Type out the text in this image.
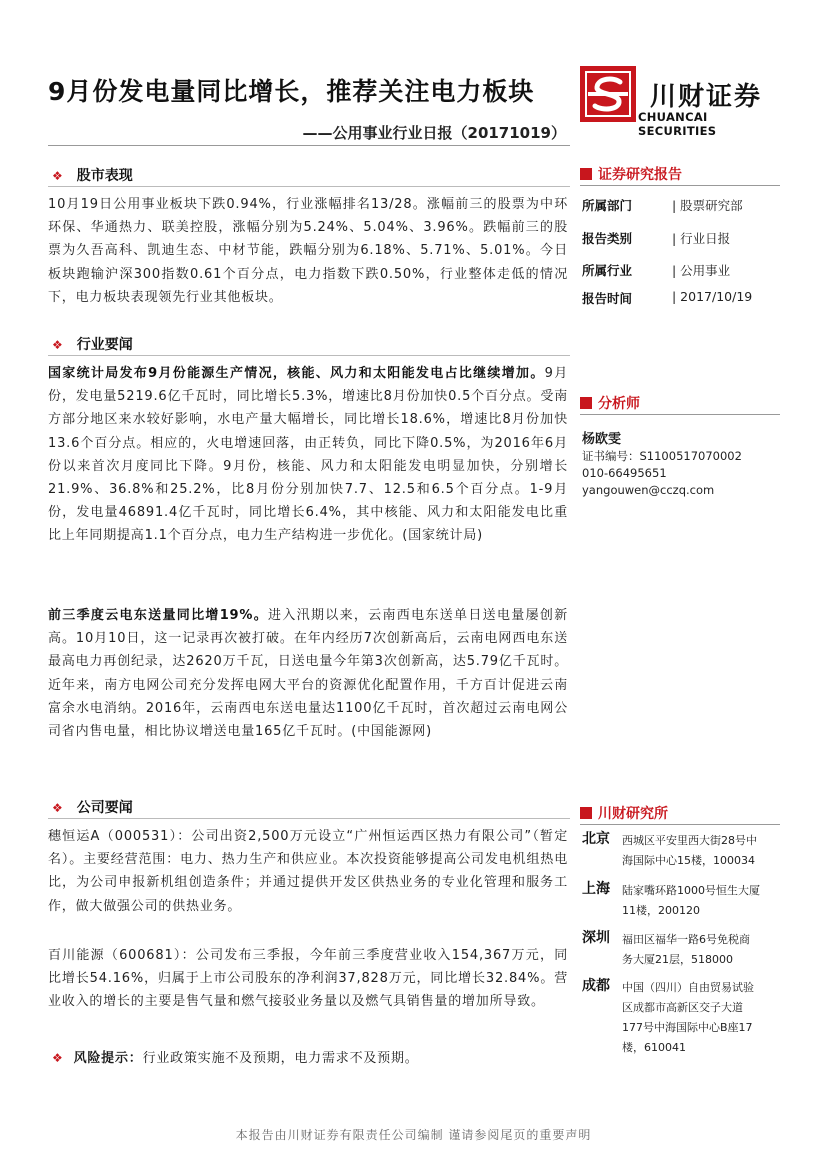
9月份发电量同比增长，推荐关注电力板块
——公用事业行业日报（20171019）
川财证券
CHUANCAI SECURITIES
❖ 股市表现
10月19日公用事业板块下跌0.94%，行业涨幅排名13/28。涨幅前三的股票为中环环保、华通热力、联美控股，涨幅分别为5.24%、5.04%、3.96%。跌幅前三的股票为久吾高科、凯迪生态、中材节能，跌幅分别为6.18%、5.71%、5.01%。今日板块跑输沪深300指数0.61个百分点，电力指数下跌0.50%，行业整体走低的情况下，电力板块表现领先行业其他板块。
❖ 行业要闻
国家统计局发布9月份能源生产情况，核能、风力和太阳能发电占比继续增加。9月份，发电量5219.6亿千瓦时，同比增长5.3%，增速比8月份加快0.5个百分点。受南方部分地区来水较好影响，水电产量大幅增长，同比增长18.6%，增速比8月份加快13.6个百分点。相应的，火电增速回落，由正转负，同比下降0.5%，为2016年6月份以来首次月度同比下降。9月份，核能、风力和太阳能发电明显加快，分别增长21.9%、36.8%和25.2%，比8月份分别加快7.7、12.5和6.5个百分点。1-9月份，发电量46891.4亿千瓦时，同比增长6.4%，其中核能、风力和太阳能发电比重比上年同期提高1.1个百分点，电力生产结构进一步优化。(国家统计局)
前三季度云电东送量同比增19%。进入汛期以来，云南西电东送单日送电量屡创新高。10月10日，这一记录再次被打破。在年内经历7次创新高后，云南电网西电东送最高电力再创纪录，达2620万千瓦，日送电量今年第3次创新高，达5.79亿千瓦时。近年来，南方电网公司充分发挥电网大平台的资源优化配置作用，千方百计促进云南富余水电消纳。2016年，云南西电东送电量达1100亿千瓦时，首次超过云南电网公司省内售电量，相比协议增送电量165亿千瓦时。(中国能源网)
❖ 公司要闻
穗恒运A（000531）：公司出资2,500万元设立“广州恒运西区热力有限公司”（暂定名）。主要经营范围：电力、热力生产和供应业。本次投资能够提高公司发电机组热电比，为公司申报新机组创造条件；并通过提供开发区供热业务的专业化管理和服务工作，做大做强公司的供热业务。
百川能源（600681）：公司发布三季报，今年前三季度营业收入154,367万元，同比增长54.16%，归属于上市公司股东的净利润37,828万元，同比增长32.84%。营业收入的增长的主要是售气量和燃气接驳业务量以及燃气具销售量的增加所导致。
❖ 风险提示：行业政策实施不及预期，电力需求不及预期。
证券研究报告
所属部门	| 股票研究部
报告类别	| 行业日报
所属行业	| 公用事业
报告时间	| 2017/10/19
分析师
杨欧雯
证书编号：S1100517070002
010-66495651
yangouwen@cczq.com
川财研究所
北京 西城区平安里西大街28号中
海国际中心15楼，100034
上海 陆家嘴环路1000号恒生大厦
11楼，200120
深圳 福田区福华一路6号免税商
务大厦21层，518000
成都 中国（四川）自由贸易试验
区成都市高新区交子大道
177号中海国际中心B座17
楼，610041
本报告由川财证券有限责任公司编制 谨请参阅尾页的重要声明
